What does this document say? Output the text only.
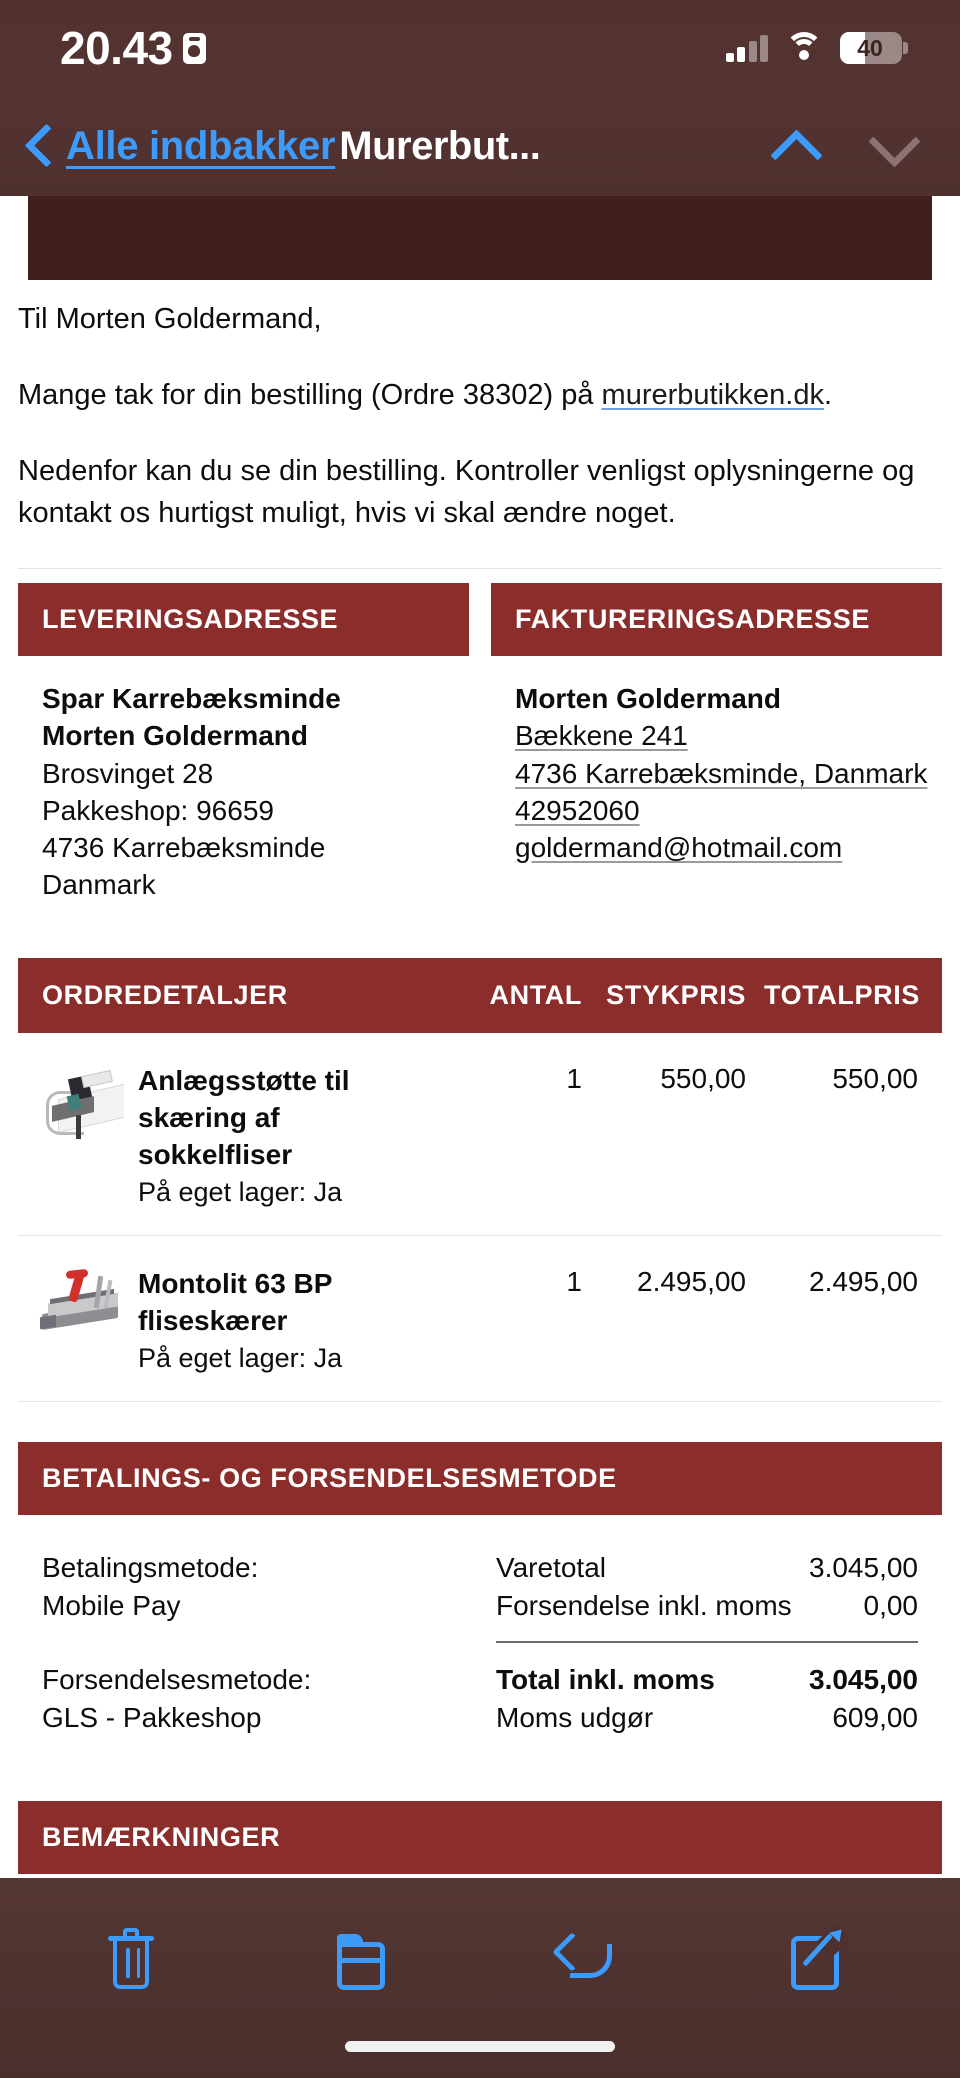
Til Morten Goldermand,

Mange tak for din bestilling (Ordre 38302) på murerbutikken.dk.

Nedenfor kan du se din bestilling. Kontroller venligst oplysningerne og kontakt os hurtigst muligt, hvis vi skal ændre noget.

LEVERINGSADRESSE
Spar Karrebæksminde
Morten Goldermand
Brosvinget 28
Pakkeshop: 96659
4736 Karrebæksminde
Danmark
FAKTURERINGSADRESSE
Morten Goldermand
Bækkene 241
4736 Karrebæksminde, Danmark
42952060
goldermand@hotmail.com
ORDREDETALJER	ANTAL STYKPRIS TOTALPRIS
Anlægsstøtte til skæring af sokkelfliser
På eget lager: Ja
1	550,00	550,00
Montolit 63 BP fliseskærer
På eget lager: Ja
1	2.495,00	2.495,00
BETALINGS- OG FORSENDELSESMETODE
Betalingsmetode:
Mobile Pay
Forsendelsesmetode:
GLS - Pakkeshop
Varetotal	3.045,00
Forsendelse inkl. moms	0,00
Total inkl. moms	3.045,00
Moms udgør	609,00
BEMÆRKNINGER
20.43	40
Alle indbakker Murerbut...
